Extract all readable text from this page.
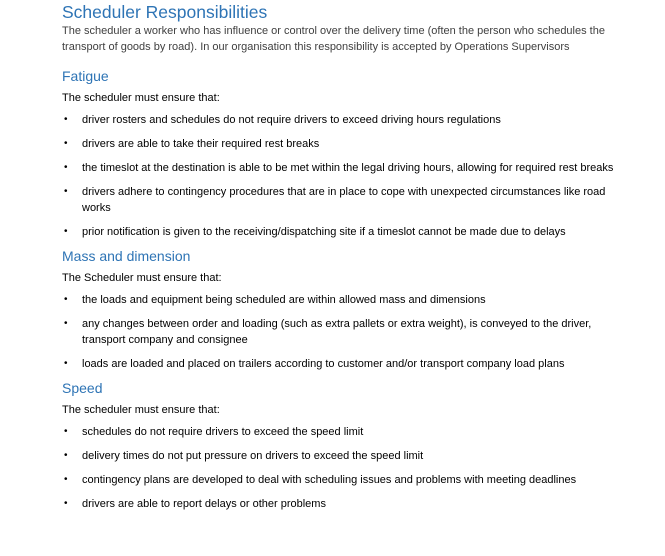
Scheduler Responsibilities

The scheduler a worker who has influence or control over the delivery time (often the person who schedules the transport of goods by road). In our organisation this responsibility is accepted by Operations Supervisors

Fatigue

The scheduler must ensure that:

• driver rosters and schedules do not require drivers to exceed driving hours regulations
• drivers are able to take their required rest breaks
• the timeslot at the destination is able to be met within the legal driving hours, allowing for required rest breaks
• drivers adhere to contingency procedures that are in place to cope with unexpected circumstances like road works
• prior notification is given to the receiving/dispatching site if a timeslot cannot be made due to delays
Mass and dimension

The Scheduler must ensure that:

• the loads and equipment being scheduled are within allowed mass and dimensions
• any changes between order and loading (such as extra pallets or extra weight), is conveyed to the driver, transport company and consignee
• loads are loaded and placed on trailers according to customer and/or transport company load plans
Speed

The scheduler must ensure that:

• schedules do not require drivers to exceed the speed limit
• delivery times do not put pressure on drivers to exceed the speed limit
• contingency plans are developed to deal with scheduling issues and problems with meeting deadlines
• drivers are able to report delays or other problems
